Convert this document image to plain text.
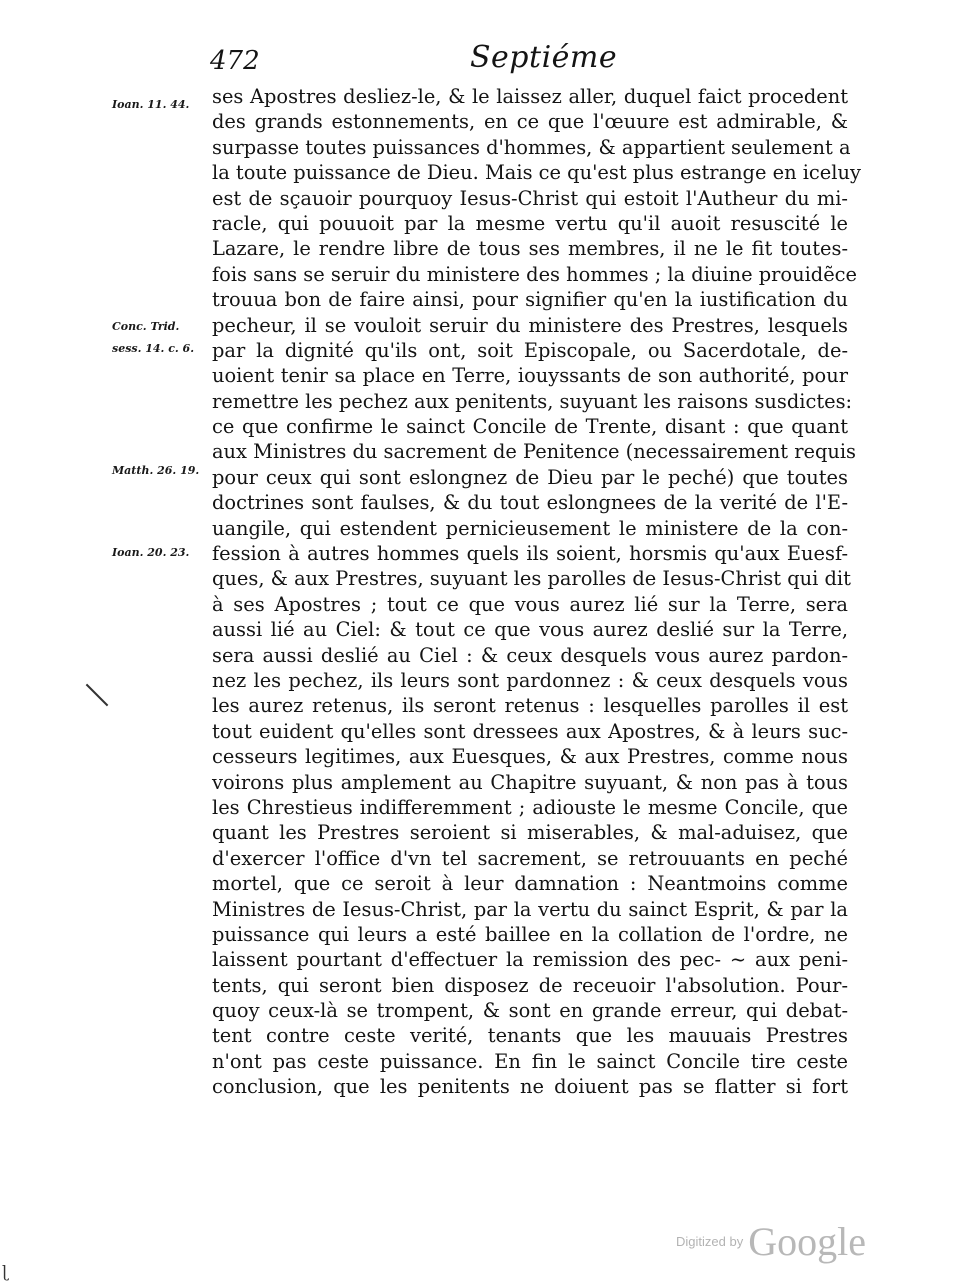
472	Septiéme
Ioan. 11. 44.
Conc. Trid. sess. 14. c. 6.
Matth. 26. 19.
Ioan. 20. 23.
ses Apostres desliez-le, & le laissez aller, duquel faict procedent
des grands estonnements, en ce que l'œuure est admirable, &
surpasse toutes puissances d'hommes, & appartient seulement a
la toute puissance de Dieu. Mais ce qu'est plus estrange en iceluy
est de sçauoir pourquoy Iesus-Christ qui estoit l'Autheur du mi-
racle, qui pouuoit par la mesme vertu qu'il auoit resuscité le
Lazare, le rendre libre de tous ses membres, il ne le fit toutes-
fois sans se seruir du ministere des hommes ; la diuine prouidẽce
trouua bon de faire ainsi, pour signifier qu'en la iustification du
pecheur, il se vouloit seruir du ministere des Prestres, lesquels
par la dignité qu'ils ont, soit Episcopale, ou Sacerdotale, de-
uoient tenir sa place en Terre, iouyssants de son authorité, pour
remettre les pechez aux penitents, suyuant les raisons susdictes:
ce que confirme le sainct Concile de Trente, disant : que quant
aux Ministres du sacrement de Penitence (necessairement requis
pour ceux qui sont eslongnez de Dieu par le peché) que toutes
doctrines sont faulses, & du tout eslongnees de la verité de l'E-
uangile, qui estendent pernicieusement le ministere de la con-
fession à autres hommes quels ils soient, horsmis qu'aux Euesf-
ques, & aux Prestres, suyuant les parolles de Iesus-Christ qui dit
à ses Apostres ; tout ce que vous aurez lié sur la Terre, sera
aussi lié au Ciel: & tout ce que vous aurez deslié sur la Terre,
sera aussi deslié au Ciel : & ceux desquels vous aurez pardon-
nez les pechez, ils leurs sont pardonnez : & ceux desquels vous
les aurez retenus, ils seront retenus : lesquelles parolles il est
tout euident qu'elles sont dressees aux Apostres, & à leurs suc-
cesseurs legitimes, aux Euesques, & aux Prestres, comme nous
voirons plus amplement au Chapitre suyuant, & non pas à tous
les Chrestieus indifferemment ; adiouste le mesme Concile, que
quant les Prestres seroient si miserables, & mal-aduisez, que
d'exercer l'office d'vn tel sacrement, se retrouuants en peché
mortel, que ce seroit à leur damnation : Neantmoins comme
Ministres de Iesus-Christ, par la vertu du sainct Esprit, & par la
puissance qui leurs a esté baillee en la collation de l'ordre, ne
laissent pourtant d'effectuer la remission des pec- ~ aux peni-
tents, qui seront bien disposez de receuoir l'absolution. Pour-
quoy ceux-là se trompent, & sont en grande erreur, qui debat-
tent contre ceste verité, tenants que les mauuais Prestres
n'ont pas ceste puissance. En fin le sainct Concile tire ceste
conclusion, que les penitents ne doiuent pas se flatter si fort
Digitized by Google
ɭ
